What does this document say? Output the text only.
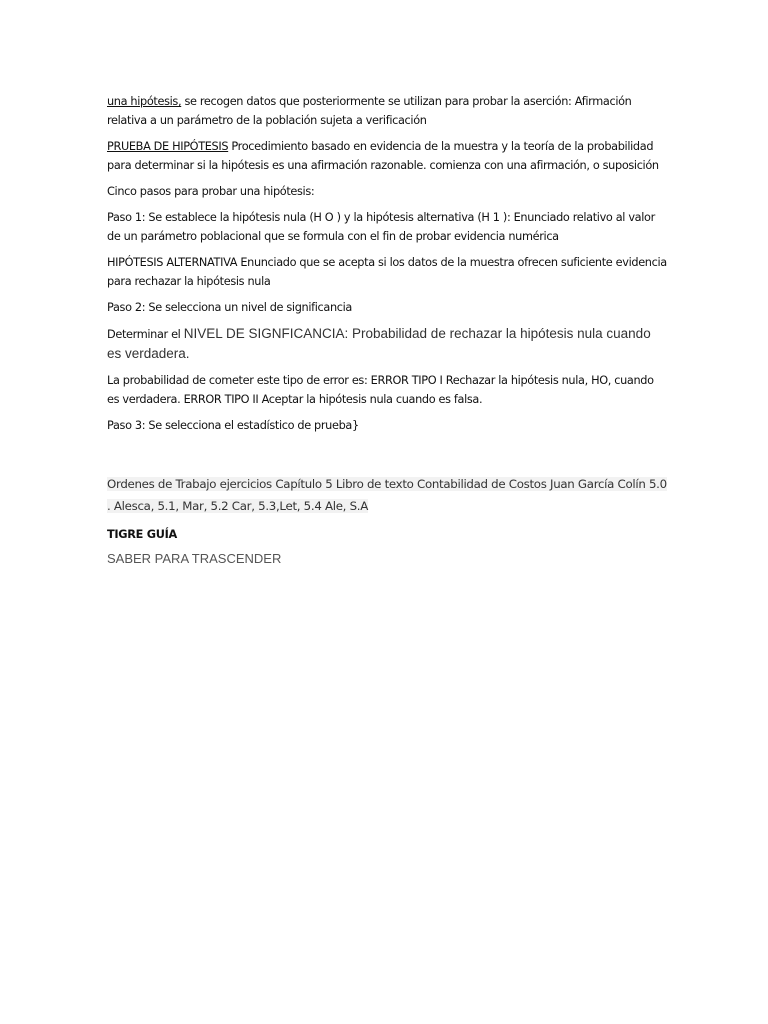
una hipótesis, se recogen datos que posteriormente se utilizan para probar la aserción: Afirmación relativa a un parámetro de la población sujeta a verificación

PRUEBA DE HIPÓTESIS Procedimiento basado en evidencia de la muestra y la teoría de la probabilidad para determinar si la hipótesis es una afirmación razonable. comienza con una afirmación, o suposición

Cinco pasos para probar una hipótesis:

Paso 1: Se establece la hipótesis nula (H O ) y la hipótesis alternativa (H 1 ): Enunciado relativo al valor de un parámetro poblacional que se formula con el fin de probar evidencia numérica

HIPÓTESIS ALTERNATIVA Enunciado que se acepta si los datos de la muestra ofrecen suficiente evidencia para rechazar la hipótesis nula

Paso 2: Se selecciona un nivel de significancia

Determinar el NIVEL DE SIGNFICANCIA: Probabilidad de rechazar la hipótesis nula cuando es verdadera.

La probabilidad de cometer este tipo de error es: ERROR TIPO I Rechazar la hipótesis nula, HO, cuando es verdadera. ERROR TIPO II Aceptar la hipótesis nula cuando es falsa.

Paso 3: Se selecciona el estadístico de prueba}

Ordenes de Trabajo ejercicios Capítulo 5 Libro de texto Contabilidad de Costos Juan García Colín 5.0 . Alesca, 5.1, Mar, 5.2 Car, 5.3,Let, 5.4 Ale, S.A

TIGRE GUÍA

SABER PARA TRASCENDER
